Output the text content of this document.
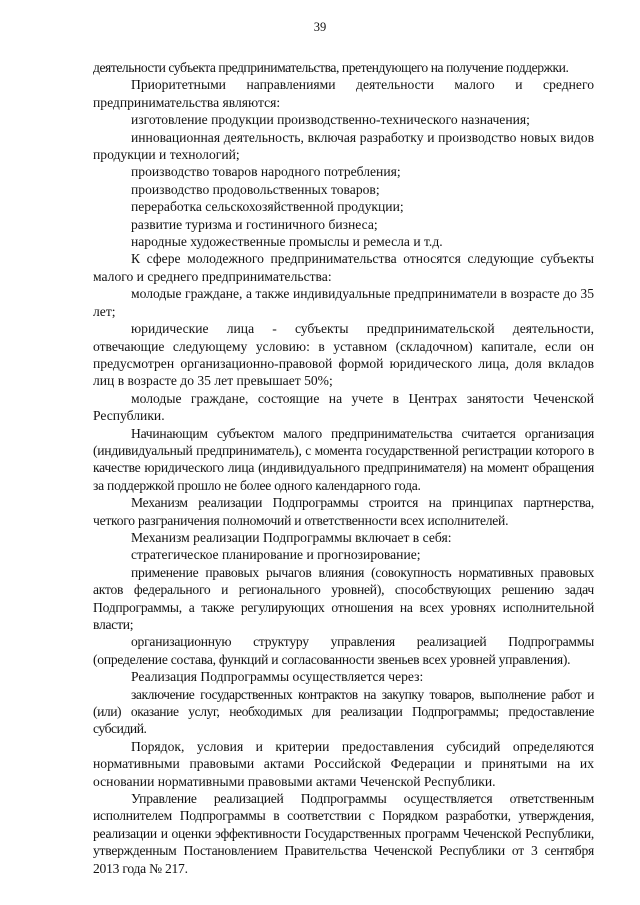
39

деятельности субъекта предпринимательства, претендующего на получение поддержки.

Приоритетными направлениями деятельности малого и среднего предпринимательства являются:

изготовление продукции производственно-технического назначения;

инновационная деятельность, включая разработку и производство новых видов продукции и технологий;

производство товаров народного потребления;

производство продовольственных товаров;

переработка сельскохозяйственной продукции;

развитие туризма и гостиничного бизнеса;

народные художественные промыслы и ремесла и т.д.

К сфере молодежного предпринимательства относятся следующие субъекты малого и среднего предпринимательства:

молодые граждане, а также индивидуальные предприниматели в возрасте до 35 лет;

юридические лица - субъекты предпринимательской деятельности, отвечающие следующему условию: в уставном (складочном) капитале, если он предусмотрен организационно-правовой формой юридического лица, доля вкладов лиц в возрасте до 35 лет превышает 50%;

молодые граждане, состоящие на учете в Центрах занятости Чеченской Республики.

Начинающим субъектом малого предпринимательства считается организация (индивидуальный предприниматель), с момента государственной регистрации которого в качестве юридического лица (индивидуального предпринимателя) на момент обращения за поддержкой прошло не более одного календарного года.

Механизм реализации Подпрограммы строится на принципах партнерства, четкого разграничения полномочий и ответственности всех исполнителей.

Механизм реализации Подпрограммы включает в себя:

стратегическое планирование и прогнозирование;

применение правовых рычагов влияния (совокупность нормативных правовых актов федерального и регионального уровней), способствующих решению задач Подпрограммы, а также регулирующих отношения на всех уровнях исполнительной власти;

организационную структуру управления реализацией Подпрограммы (определение состава, функций и согласованности звеньев всех уровней управления).

Реализация Подпрограммы осуществляется через:

заключение государственных контрактов на закупку товаров, выполнение работ и (или) оказание услуг, необходимых для реализации Подпрограммы; предоставление субсидий.

Порядок, условия и критерии предоставления субсидий определяются нормативными правовыми актами Российской Федерации и принятыми на их основании нормативными правовыми актами Чеченской Республики.

Управление реализацией Подпрограммы осуществляется ответственным исполнителем Подпрограммы в соответствии с Порядком разработки, утверждения, реализации и оценки эффективности Государственных программ Чеченской Республики, утвержденным Постановлением Правительства Чеченской Республики от 3 сентября 2013 года № 217.
